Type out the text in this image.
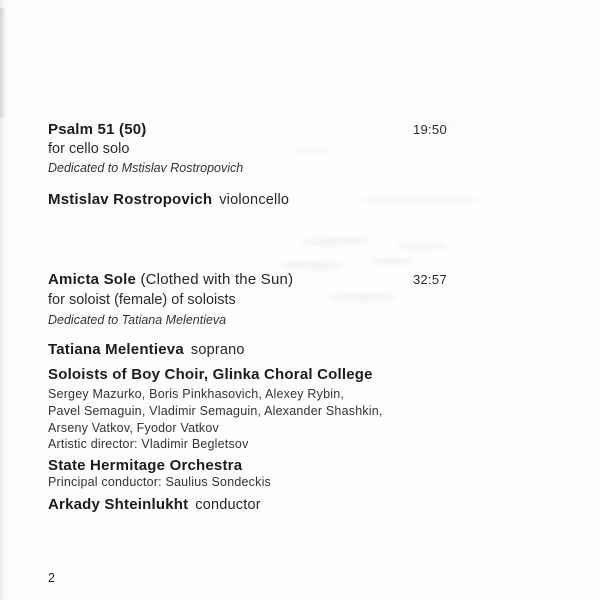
Psalm 51 (50)	19:50
for cello solo
Dedicated to Mstislav Rostropovich
Mstislav Rostropovich violoncello
Amicta Sole (Clothed with the Sun)	32:57
for soloist (female) of soloists
Dedicated to Tatiana Melentieva
Tatiana Melentieva soprano
Soloists of Boy Choir, Glinka Choral College
Sergey Mazurko, Boris Pinkhasovich, Alexey Rybin,
Pavel Semaguin, Vladimir Semaguin, Alexander Shashkin,
Arseny Vatkov, Fyodor Vatkov
Artistic director: Vladimir Begletsov
State Hermitage Orchestra
Principal conductor: Saulius Sondeckis
Arkady Shteinlukht conductor
2
